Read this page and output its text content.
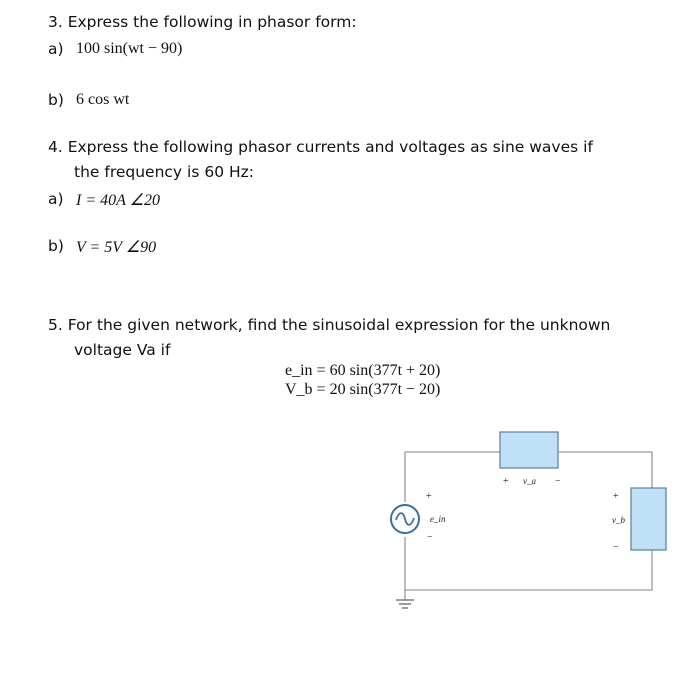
3. Express the following in phasor form:
a) 100 sin(wt − 90)
b) 6 cos wt
4. Express the following phasor currents and voltages as sine waves if
the frequency is 60 Hz:
a) I = 40A ∠20
b) V = 5V ∠90
5. For the given network, find the sinusoidal expression for the unknown
voltage Va if
e_in = 60 sin(377t + 20)
V_b = 20 sin(377t − 20)
+
−
e_in
+	−
v_a
+
−
v_b
